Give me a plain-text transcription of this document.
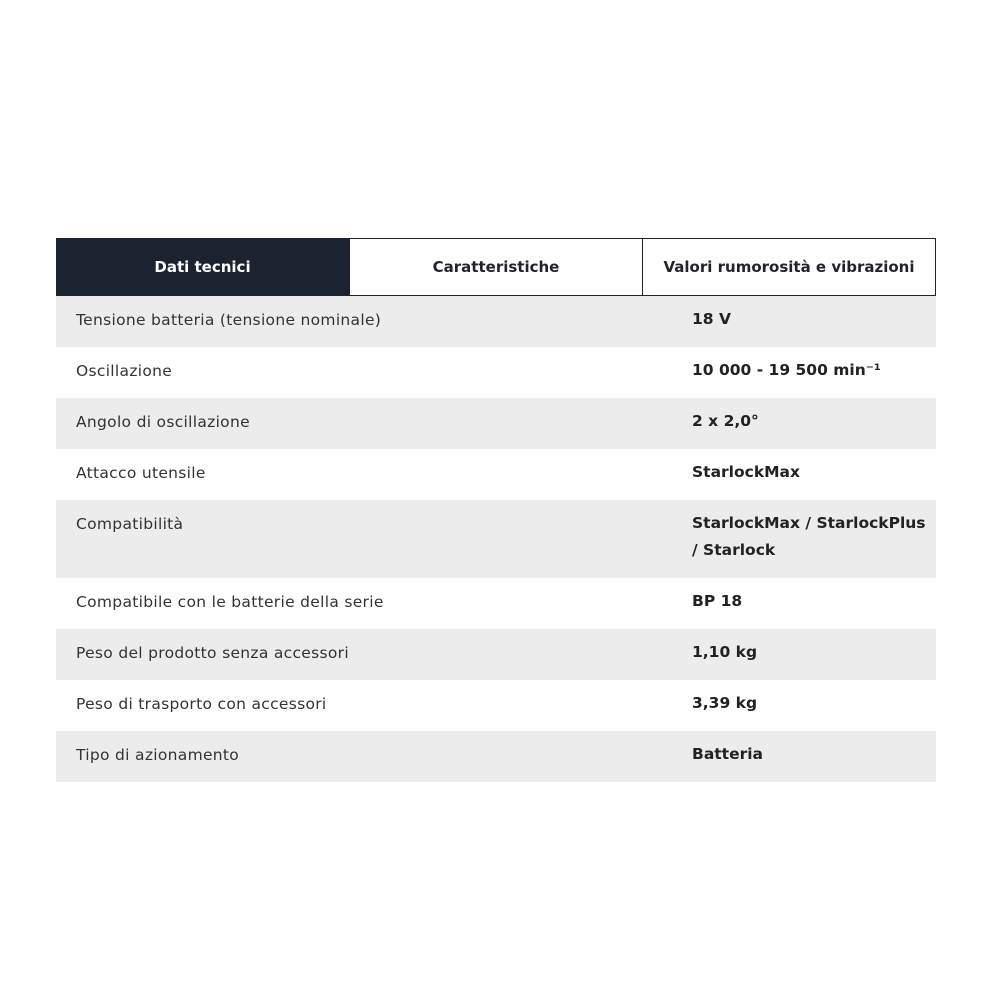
Dati tecnici	Caratteristiche	Valori rumorosità e vibrazioni
Tensione batteria (tensione nominale)	18 V
Oscillazione	10 000 - 19 500 min⁻¹
Angolo di oscillazione	2 x 2,0°
Attacco utensile	StarlockMax
Compatibilità	StarlockMax / StarlockPlus / Starlock
Compatibile con le batterie della serie	BP 18
Peso del prodotto senza accessori	1,10 kg
Peso di trasporto con accessori	3,39 kg
Tipo di azionamento	Batteria
